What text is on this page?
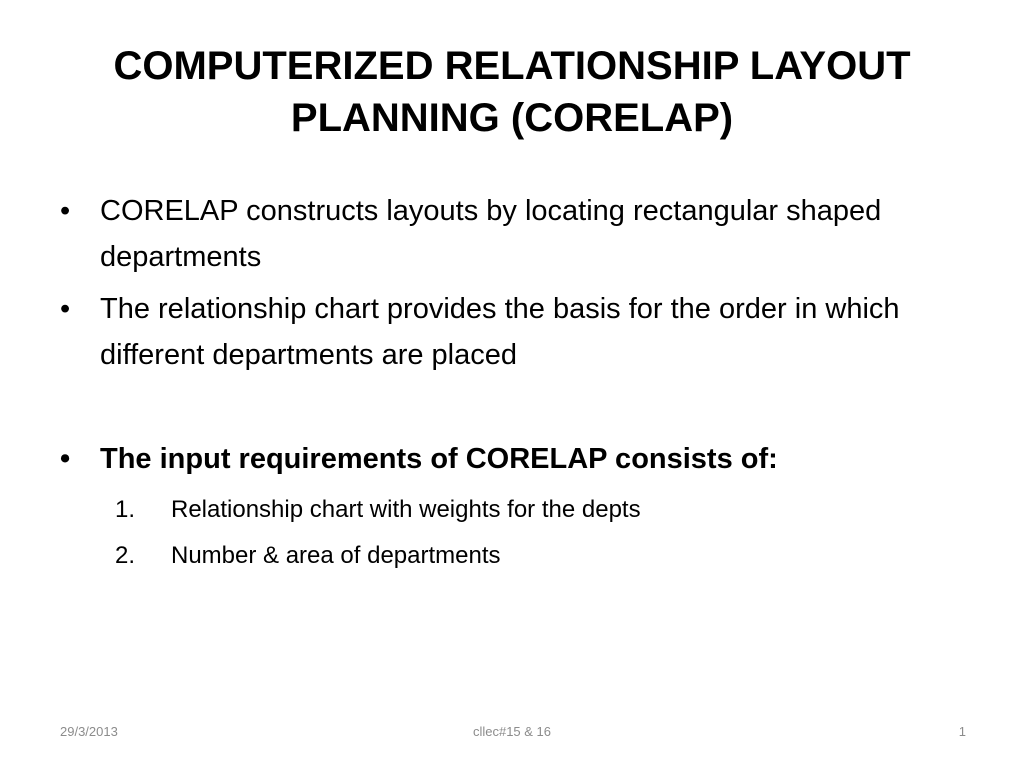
COMPUTERIZED RELATIONSHIP LAYOUT PLANNING (CORELAP)
• CORELAP constructs layouts by locating rectangular shaped departments
• The relationship chart provides the basis for the order in which different departments are placed
• The input requirements of CORELAP consists of:
1. Relationship chart with weights for the depts
2. Number & area of departments
29/3/2013	cllec#15 & 16	1
